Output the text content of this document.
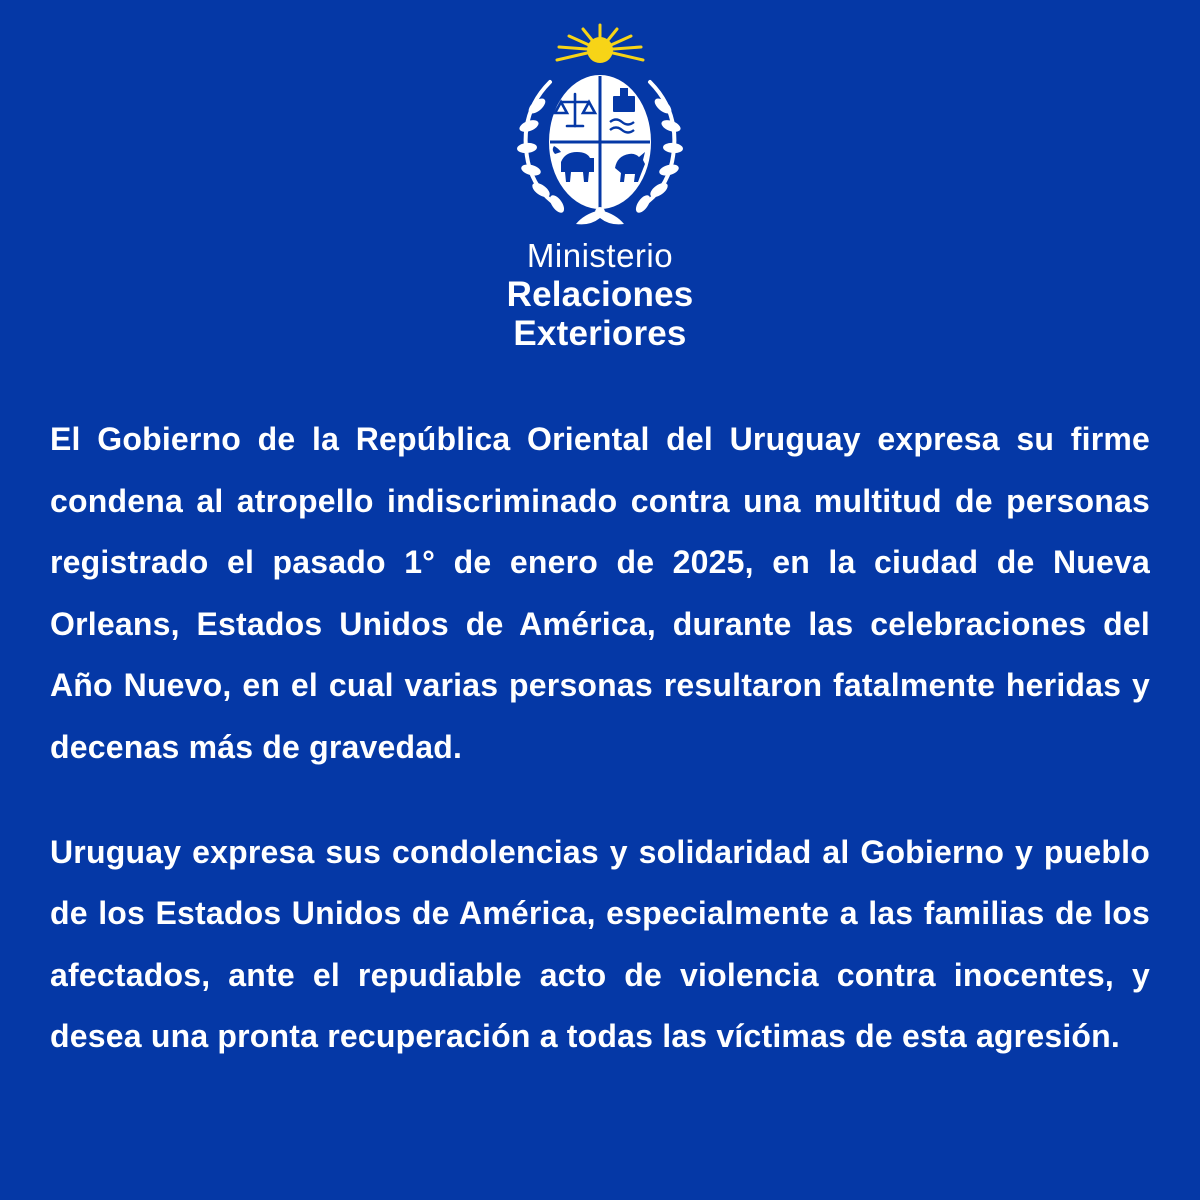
Ministerio
Relaciones
Exteriores

El Gobierno de la República Oriental del Uruguay expresa su firme condena al atropello indiscriminado contra una multitud de personas registrado el pasado 1° de enero de 2025, en la ciudad de Nueva Orleans, Estados Unidos de América, durante las celebraciones del Año Nuevo, en el cual varias personas resultaron fatalmente heridas y decenas más de gravedad.

Uruguay expresa sus condolencias y solidaridad al Gobierno y pueblo de los Estados Unidos de América, especialmente a las familias de los afectados, ante el repudiable acto de violencia contra inocentes, y desea una pronta recuperación a todas las víctimas de esta agresión.
